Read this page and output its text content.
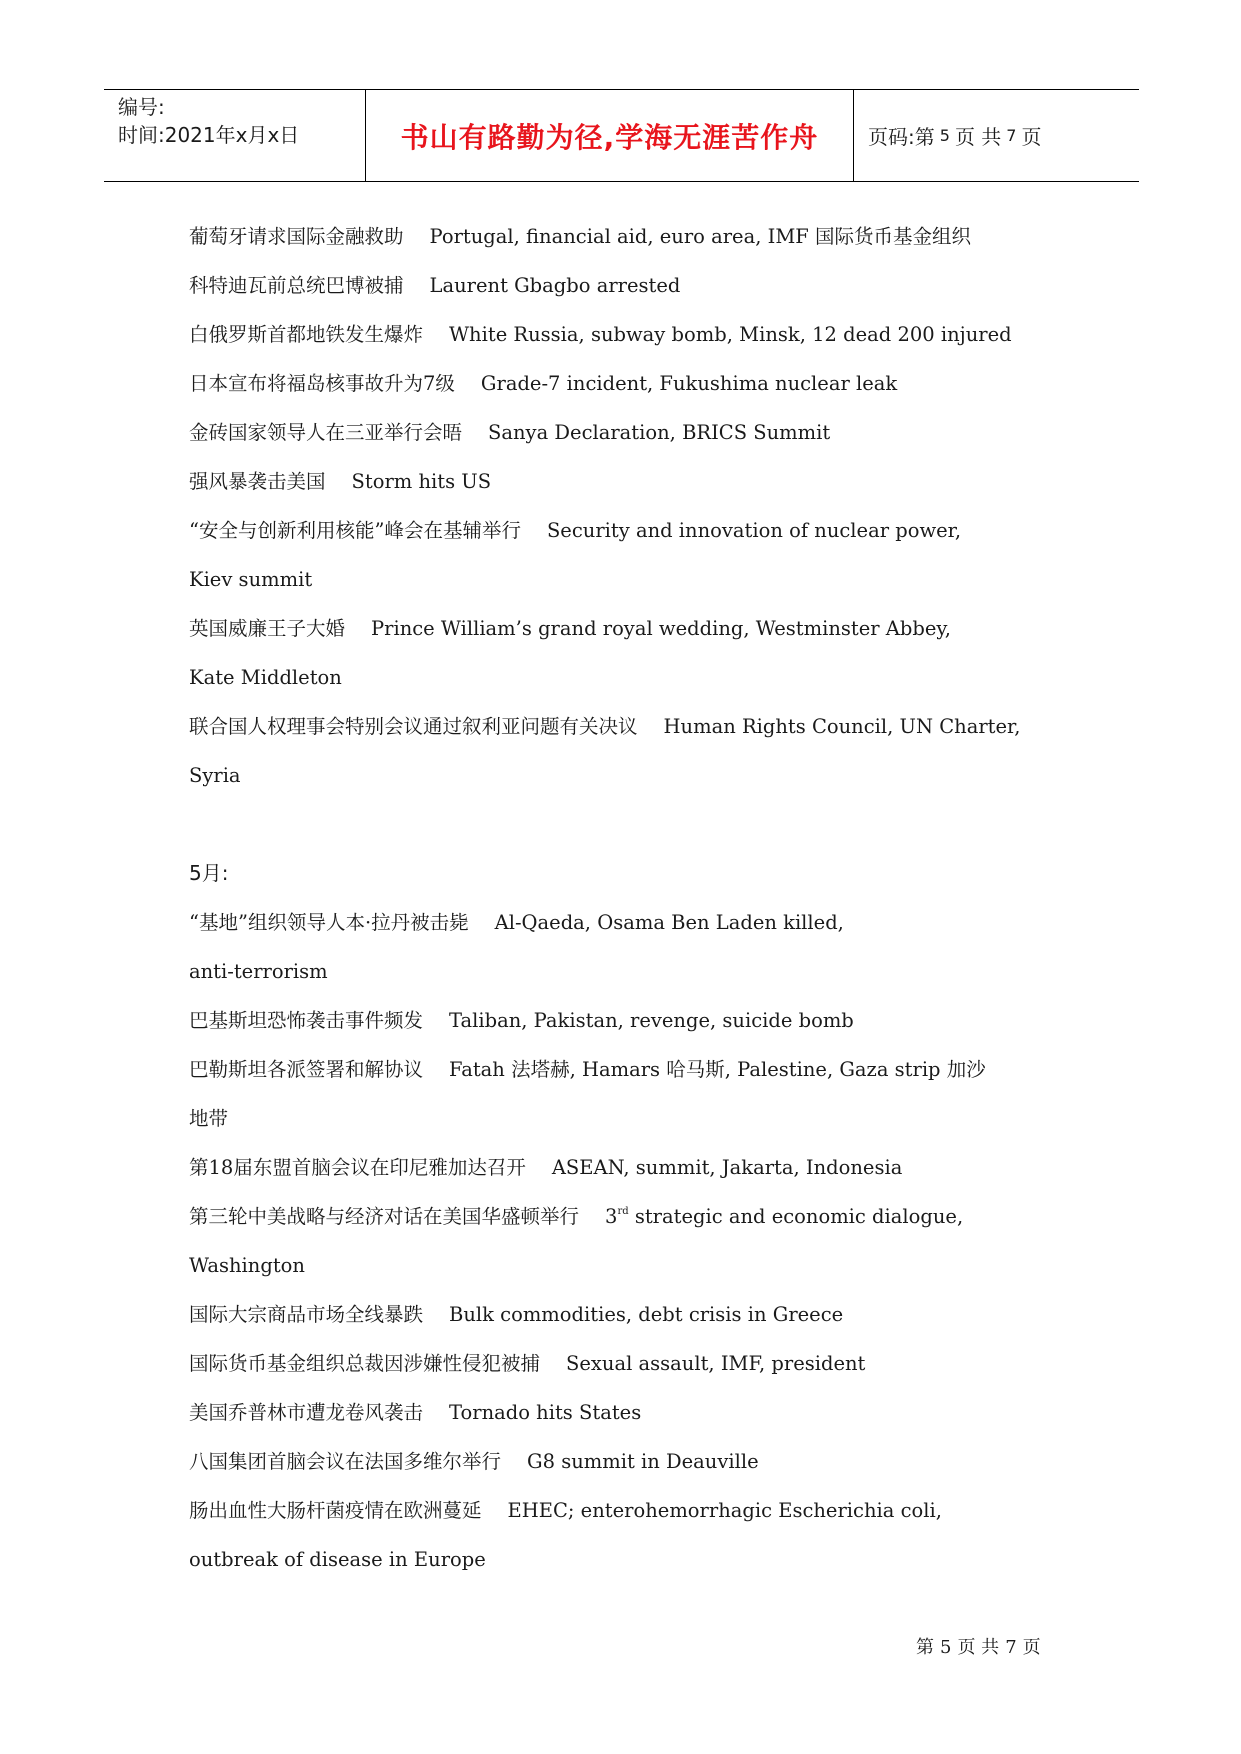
编号:
时间:2021年x月x日	书山有路勤为径,学海无涯苦作舟	页码:第 5 页 共 7 页
葡萄牙请求国际金融救助 Portugal, financial aid, euro area, IMF 国际货币基金组织
科特迪瓦前总统巴博被捕 Laurent Gbagbo arrested
白俄罗斯首都地铁发生爆炸 White Russia, subway bomb, Minsk, 12 dead 200 injured
日本宣布将福岛核事故升为7级 Grade-7 incident, Fukushima nuclear leak
金砖国家领导人在三亚举行会晤 Sanya Declaration, BRICS Summit
强风暴袭击美国 Storm hits US
“安全与创新利用核能”峰会在基辅举行 Security and innovation of nuclear power,
Kiev summit
英国威廉王子大婚 Prince William’s grand royal wedding, Westminster Abbey,
Kate Middleton
联合国人权理事会特别会议通过叙利亚问题有关决议 Human Rights Council, UN Charter,
Syria
5月:
“基地”组织领导人本·拉丹被击毙 Al-Qaeda, Osama Ben Laden killed,
anti-terrorism
巴基斯坦恐怖袭击事件频发 Taliban, Pakistan, revenge, suicide bomb
巴勒斯坦各派签署和解协议 Fatah 法塔赫, Hamars 哈马斯, Palestine, Gaza strip 加沙
地带
第18届东盟首脑会议在印尼雅加达召开 ASEAN, summit, Jakarta, Indonesia
第三轮中美战略与经济对话在美国华盛顿举行 3rd strategic and economic dialogue,
Washington
国际大宗商品市场全线暴跌 Bulk commodities, debt crisis in Greece
国际货币基金组织总裁因涉嫌性侵犯被捕 Sexual assault, IMF, president
美国乔普林市遭龙卷风袭击 Tornado hits States
八国集团首脑会议在法国多维尔举行 G8 summit in Deauville
肠出血性大肠杆菌疫情在欧洲蔓延 EHEC; enterohemorrhagic Escherichia coli,
outbreak of disease in Europe
第 5 页 共 7 页
